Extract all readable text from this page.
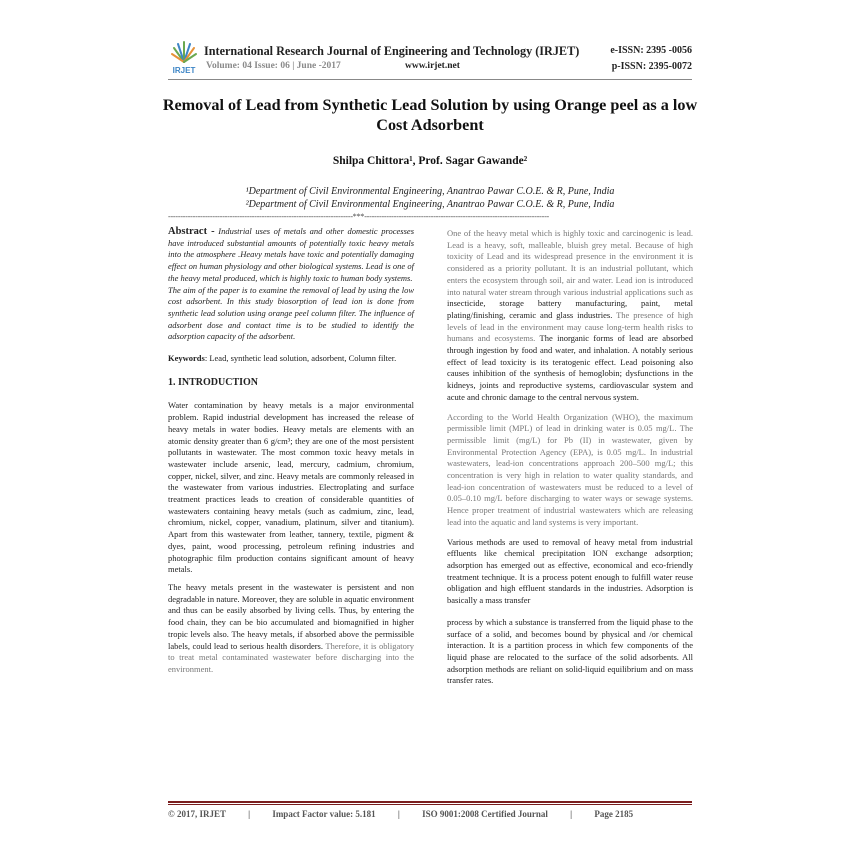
IRJET
International Research Journal of Engineering and Technology (IRJET)
Volume: 04 Issue: 06 | June -2017	www.irjet.net
e-ISSN: 2395 -0056
p-ISSN: 2395-0072
Removal of Lead from Synthetic Lead Solution by using Orange peel as a low Cost Adsorbent
Shilpa Chittora¹, Prof. Sagar Gawande²
¹Department of Civil Environmental Engineering, Anantrao Pawar C.O.E. & R, Pune, India
²Department of Civil Environmental Engineering, Anantrao Pawar C.O.E. & R, Pune, India
---------------------------------------------------------------------------***---------------------------------------------------------------------------

Abstract - Industrial uses of metals and other domestic processes have introduced substantial amounts of potentially toxic heavy metals into the atmosphere .Heavy metals have toxic and potentially damaging effect on human physiology and other biological systems. Lead is one of the heavy metal produced, which is highly toxic to human body systems.
The aim of the paper is to examine the removal of lead by using the low cost adsorbent. In this study biosorption of lead ion is done from synthetic lead solution using orange peel column filter. The influence of adsorbent dose and contact time is to be studied to identify the adsorption capacity of the adsorbent.

Keywords: Lead, synthetic lead solution, adsorbent, Column filter.

1. INTRODUCTION

Water contamination by heavy metals is a major environmental problem. Rapid industrial development has increased the release of heavy metals in water bodies. Heavy metals are elements with an atomic density greater than 6 g/cm³; they are one of the most persistent pollutants in wastewater. The most common toxic heavy metals in wastewater include arsenic, lead, mercury, cadmium, chromium, copper, nickel, silver, and zinc. Heavy metals are commonly released in the wastewater from various industries. Electroplating and surface treatment practices leads to creation of considerable quantities of wastewaters containing heavy metals (such as cadmium, zinc, lead, chromium, nickel, copper, vanadium, platinum, silver and titanium). Apart from this wastewater from leather, tannery, textile, pigment & dyes, paint, wood processing, petroleum refining industries and photographic film production contains significant amount of heavy metals.

The heavy metals present in the wastewater is persistent and non degradable in nature. Moreover, they are soluble in aquatic environment and thus can be easily absorbed by living cells. Thus, by entering the food chain, they can be bio accumulated and biomagnified in higher tropic levels also. The heavy metals, if absorbed above the permissible labels, could lead to serious health disorders. Therefore, it is obligatory to treat metal contaminated wastewater before discharging into the environment.

One of the heavy metal which is highly toxic and carcinogenic is lead. Lead is a heavy, soft, malleable, bluish grey metal. Because of high toxicity of Lead and its widespread presence in the environment it is considered as a priority pollutant. It is an industrial pollutant, which enters the ecosystem through soil, air and water. Lead ion is introduced into natural water stream through various industrial applications such as insecticide, storage battery manufacturing, paint, metal plating/finishing, ceramic and glass industries. The presence of high levels of lead in the environment may cause long-term health risks to humans and ecosystems. The inorganic forms of lead are absorbed through ingestion by food and water, and inhalation. A notably serious effect of lead toxicity is its teratogenic effect. Lead poisoning also causes inhibition of the synthesis of hemoglobin; dysfunctions in the kidneys, joints and reproductive systems, cardiovascular system and acute and chronic damage to the central nervous system.

According to the World Health Organization (WHO), the maximum permissible limit (MPL) of lead in drinking water is 0.05 mg/L. The permissible limit (mg/L) for Pb (II) in wastewater, given by Environmental Protection Agency (EPA), is 0.05 mg/L. In industrial wastewaters, lead-ion concentrations approach 200–500 mg/L; this concentration is very high in relation to water quality standards, and lead-ion concentration of wastewaters must be reduced to a level of 0.05–0.10 mg/L before discharging to water ways or sewage systems. Hence proper treatment of industrial wastewaters which are releasing lead into the aquatic and land systems is very important.

Various methods are used to removal of heavy metal from industrial effluents like chemical precipitation ION exchange adsorption; adsorption has emerged out as effective, economical and eco-friendly treatment technique. It is a process potent enough to fulfill water reuse obligation and high effluent standards in the industries. Adsorption is basically a mass transfer

process by which a substance is transferred from the liquid phase to the surface of a solid, and becomes bound by physical and /or chemical interaction. It is a partition process in which few components of the liquid phase are relocated to the surface of the solid adsorbents. All adsorption methods are reliant on solid-liquid equilibrium and on mass transfer rates.

© 2017, IRJET | Impact Factor value: 5.181 | ISO 9001:2008 Certified Journal | Page 2185
